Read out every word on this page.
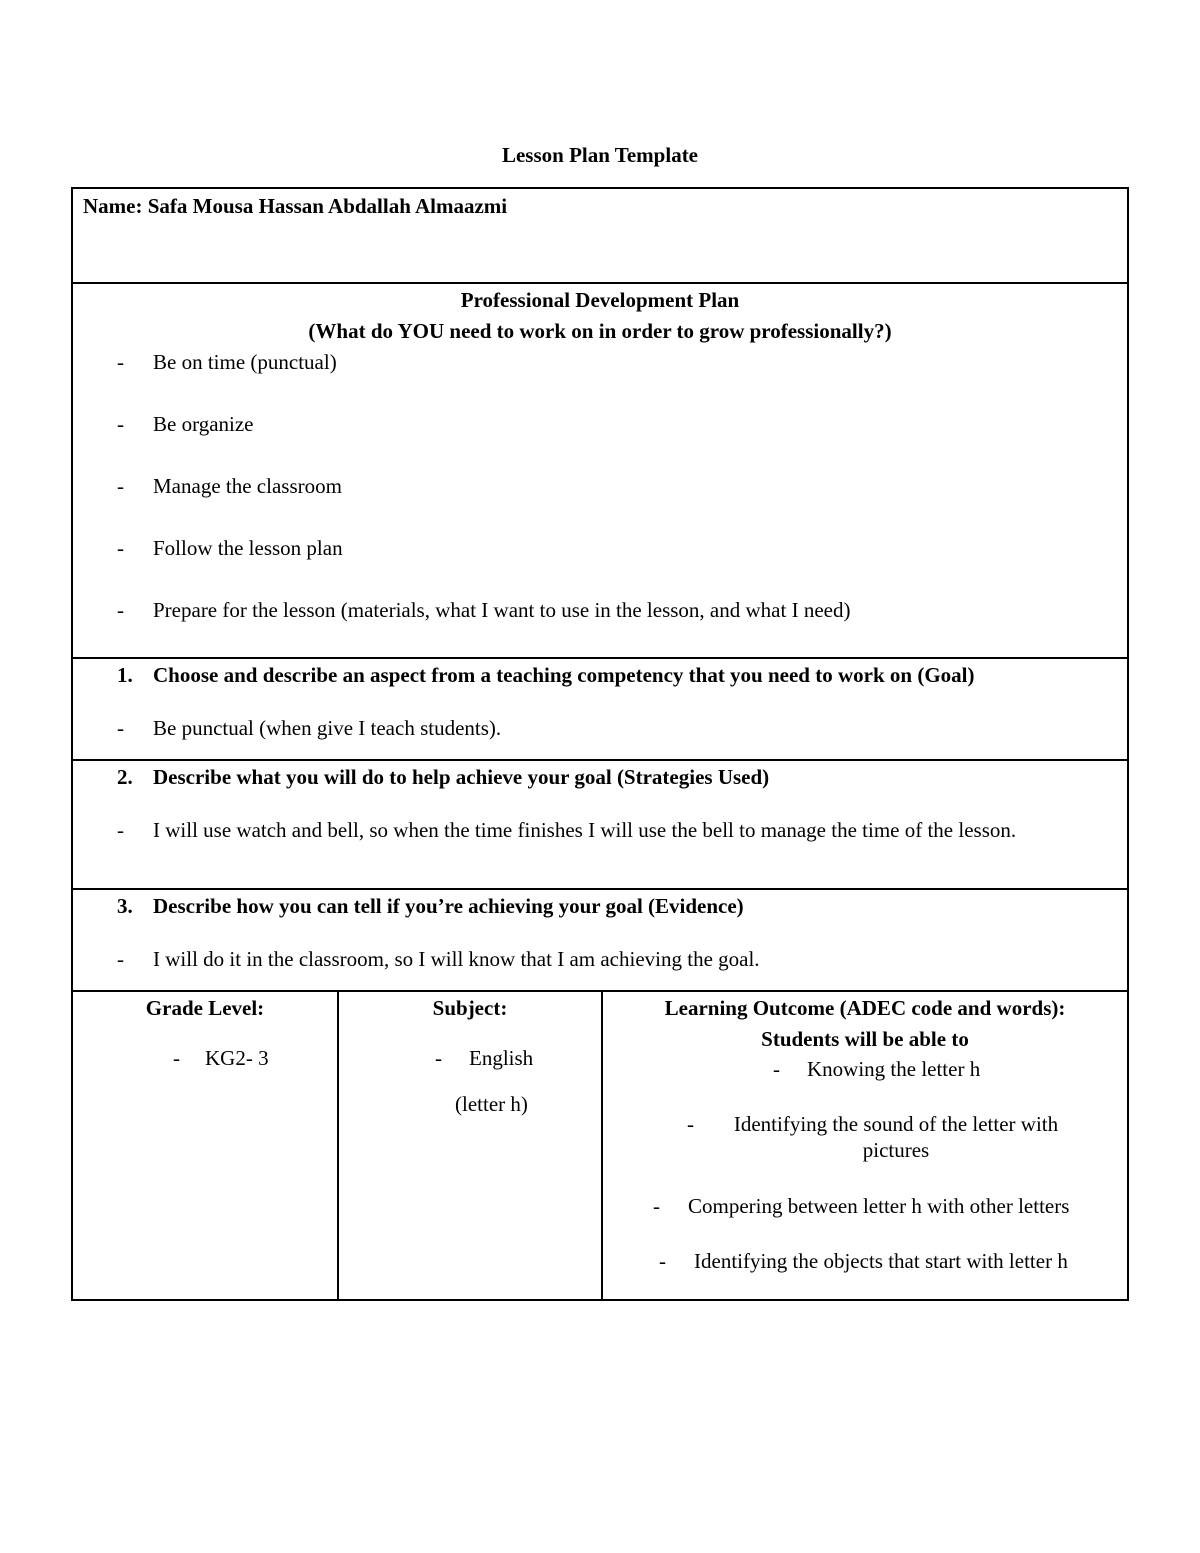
Lesson Plan Template
Name: Safa Mousa Hassan Abdallah Almaazmi
Professional Development Plan
(What do YOU need to work on in order to grow professionally?)
- Be on time (punctual)
- Be organize
- Manage the classroom
- Follow the lesson plan
- Prepare for the lesson (materials, what I want to use in the lesson, and what I need)
1. Choose and describe an aspect from a teaching competency that you need to work on (Goal)
- Be punctual (when give I teach students).
2. Describe what you will do to help achieve your goal (Strategies Used)
- I will use watch and bell, so when the time finishes I will use the bell to manage the time of the lesson.
3. Describe how you can tell if you’re achieving your goal (Evidence)
- I will do it in the classroom, so I will know that I am achieving the goal.
Grade Level:
- KG2- 3
Subject:
- English
(letter h)
Learning Outcome (ADEC code and words):
Students will be able to
- Knowing the letter h
-	Identifying the sound of the letter with pictures
- Compering between letter h with other letters
- Identifying the objects that start with letter h
